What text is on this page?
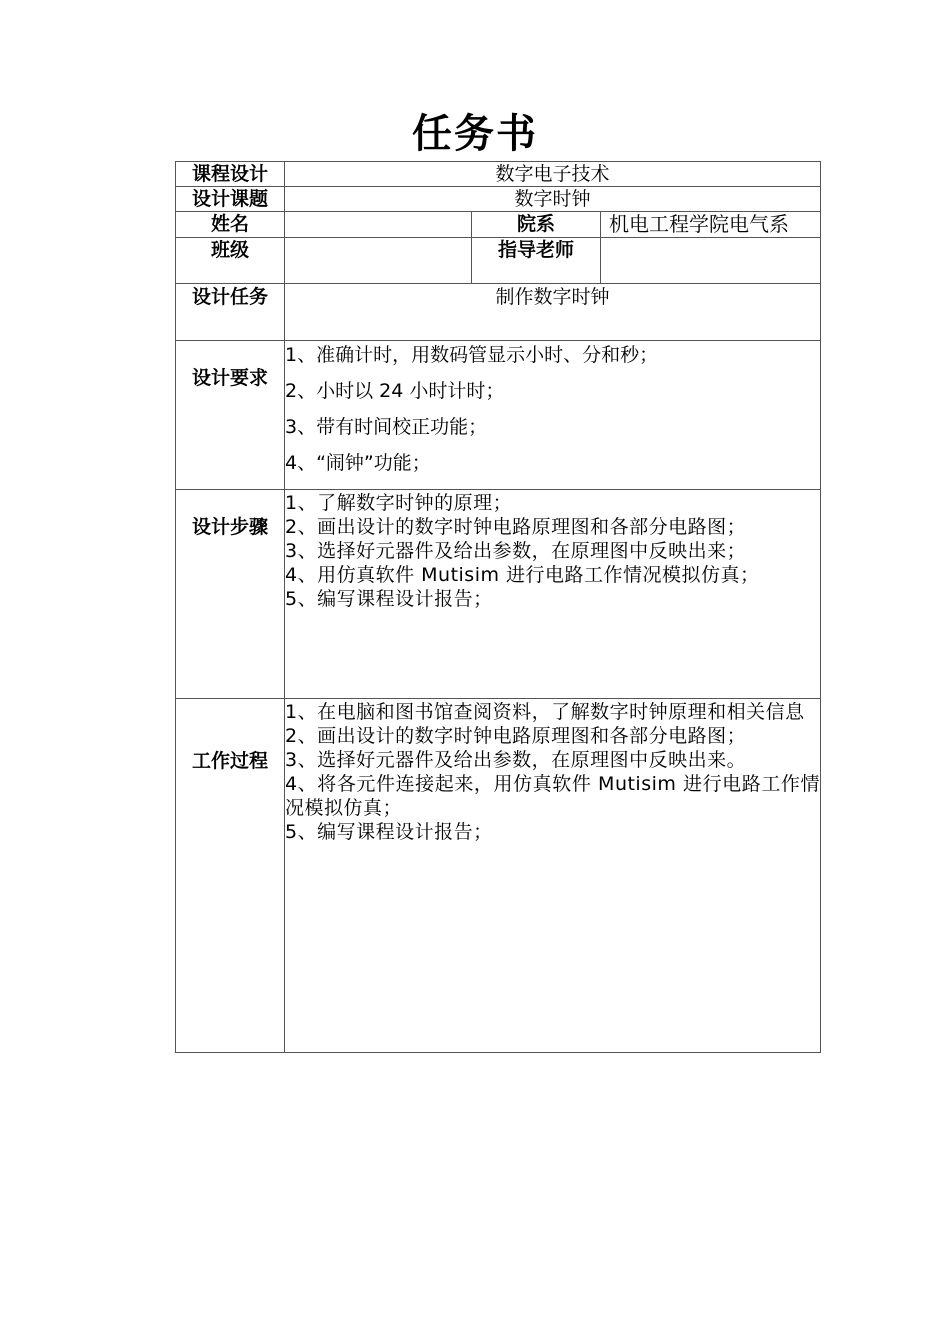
任务书
课程设计	数字电子技术		
设计课题	数字时钟		
姓名		院系	机电工程学院电气系
班级		指导老师	
设计任务	制作数字时钟		
设计要求	1、准确计时，用数码管显示小时、分和秒；
2、小时以 24 小时计时；
3、带有时间校正功能；
4、“闹钟”功能；		

设计步骤	1、了解数字时钟的原理；
2、画出设计的数字时钟电路原理图和各部分电路图；
3、选择好元器件及给出参数，在原理图中反映出来；
4、用仿真软件 Mutisim 进行电路工作情况模拟仿真；
5、编写课程设计报告；		

工作过程	1、在电脑和图书馆查阅资料，了解数字时钟原理和相关信息
2、画出设计的数字时钟电路原理图和各部分电路图；
3、选择好元器件及给出参数，在原理图中反映出来。
4、将各元件连接起来，用仿真软件 Mutisim 进行电路工作情况模拟仿真；
5、编写课程设计报告；		
